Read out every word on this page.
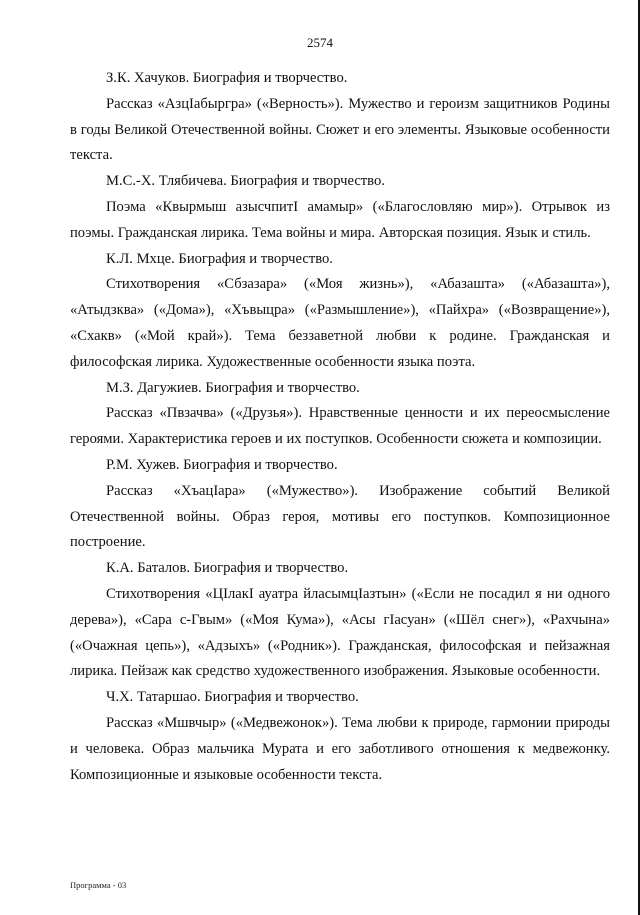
2574

З.К. Хачуков. Биография и творчество.

Рассказ «АзцӀабыргра» («Верность»). Мужество и героизм защитников Родины в годы Великой Отечественной войны. Сюжет и его элементы. Языковые особенности текста.

М.С.-Х. Тлябичева. Биография и творчество.

Поэма «Квырмыш азысчпитI амамыр» («Благословляю мир»). Отрывок из поэмы. Гражданская лирика. Тема войны и мира. Авторская позиция. Язык и стиль.

К.Л. Мхце. Биография и творчество.

Стихотворения «Сбзазара» («Моя жизнь»), «Абазашта» («Абазашта»), «Атыдзква» («Дома»), «Хъвыцра» («Размышление»), «Пайхра» («Возвращение»), «Схакв» («Мой край»). Тема беззаветной любви к родине. Гражданская и философская лирика. Художественные особенности языка поэта.

М.З. Дагужиев. Биография и творчество.

Рассказ «Пвзачва» («Друзья»). Нравственные ценности и их переосмысление героями. Характеристика героев и их поступков. Особенности сюжета и композиции.

Р.М. Хужев. Биография и творчество.

Рассказ «ХъацӀара» («Мужество»). Изображение событий Великой Отечественной войны. Образ героя, мотивы его поступков. Композиционное построение.

К.А. Баталов. Биография и творчество.

Стихотворения «ЦӀлакI ауатра йласымцӀазтын» («Если не посадил я ни одного дерева»), «Сара с-Гвым» («Моя Кума»), «Асы гIасуан» («Шёл снег»), «Рахчына» («Очажная цепь»), «Адзыхъ» («Родник»). Гражданская, философская и пейзажная лирика. Пейзаж как средство художественного изображения. Языковые особенности.

Ч.Х. Татаршао. Биография и творчество.

Рассказ «Мшвчыр» («Медвежонок»). Тема любви к природе, гармонии природы и человека. Образ мальчика Мурата и его заботливого отношения к медвежонку. Композиционные и языковые особенности текста.

Программа - 03
